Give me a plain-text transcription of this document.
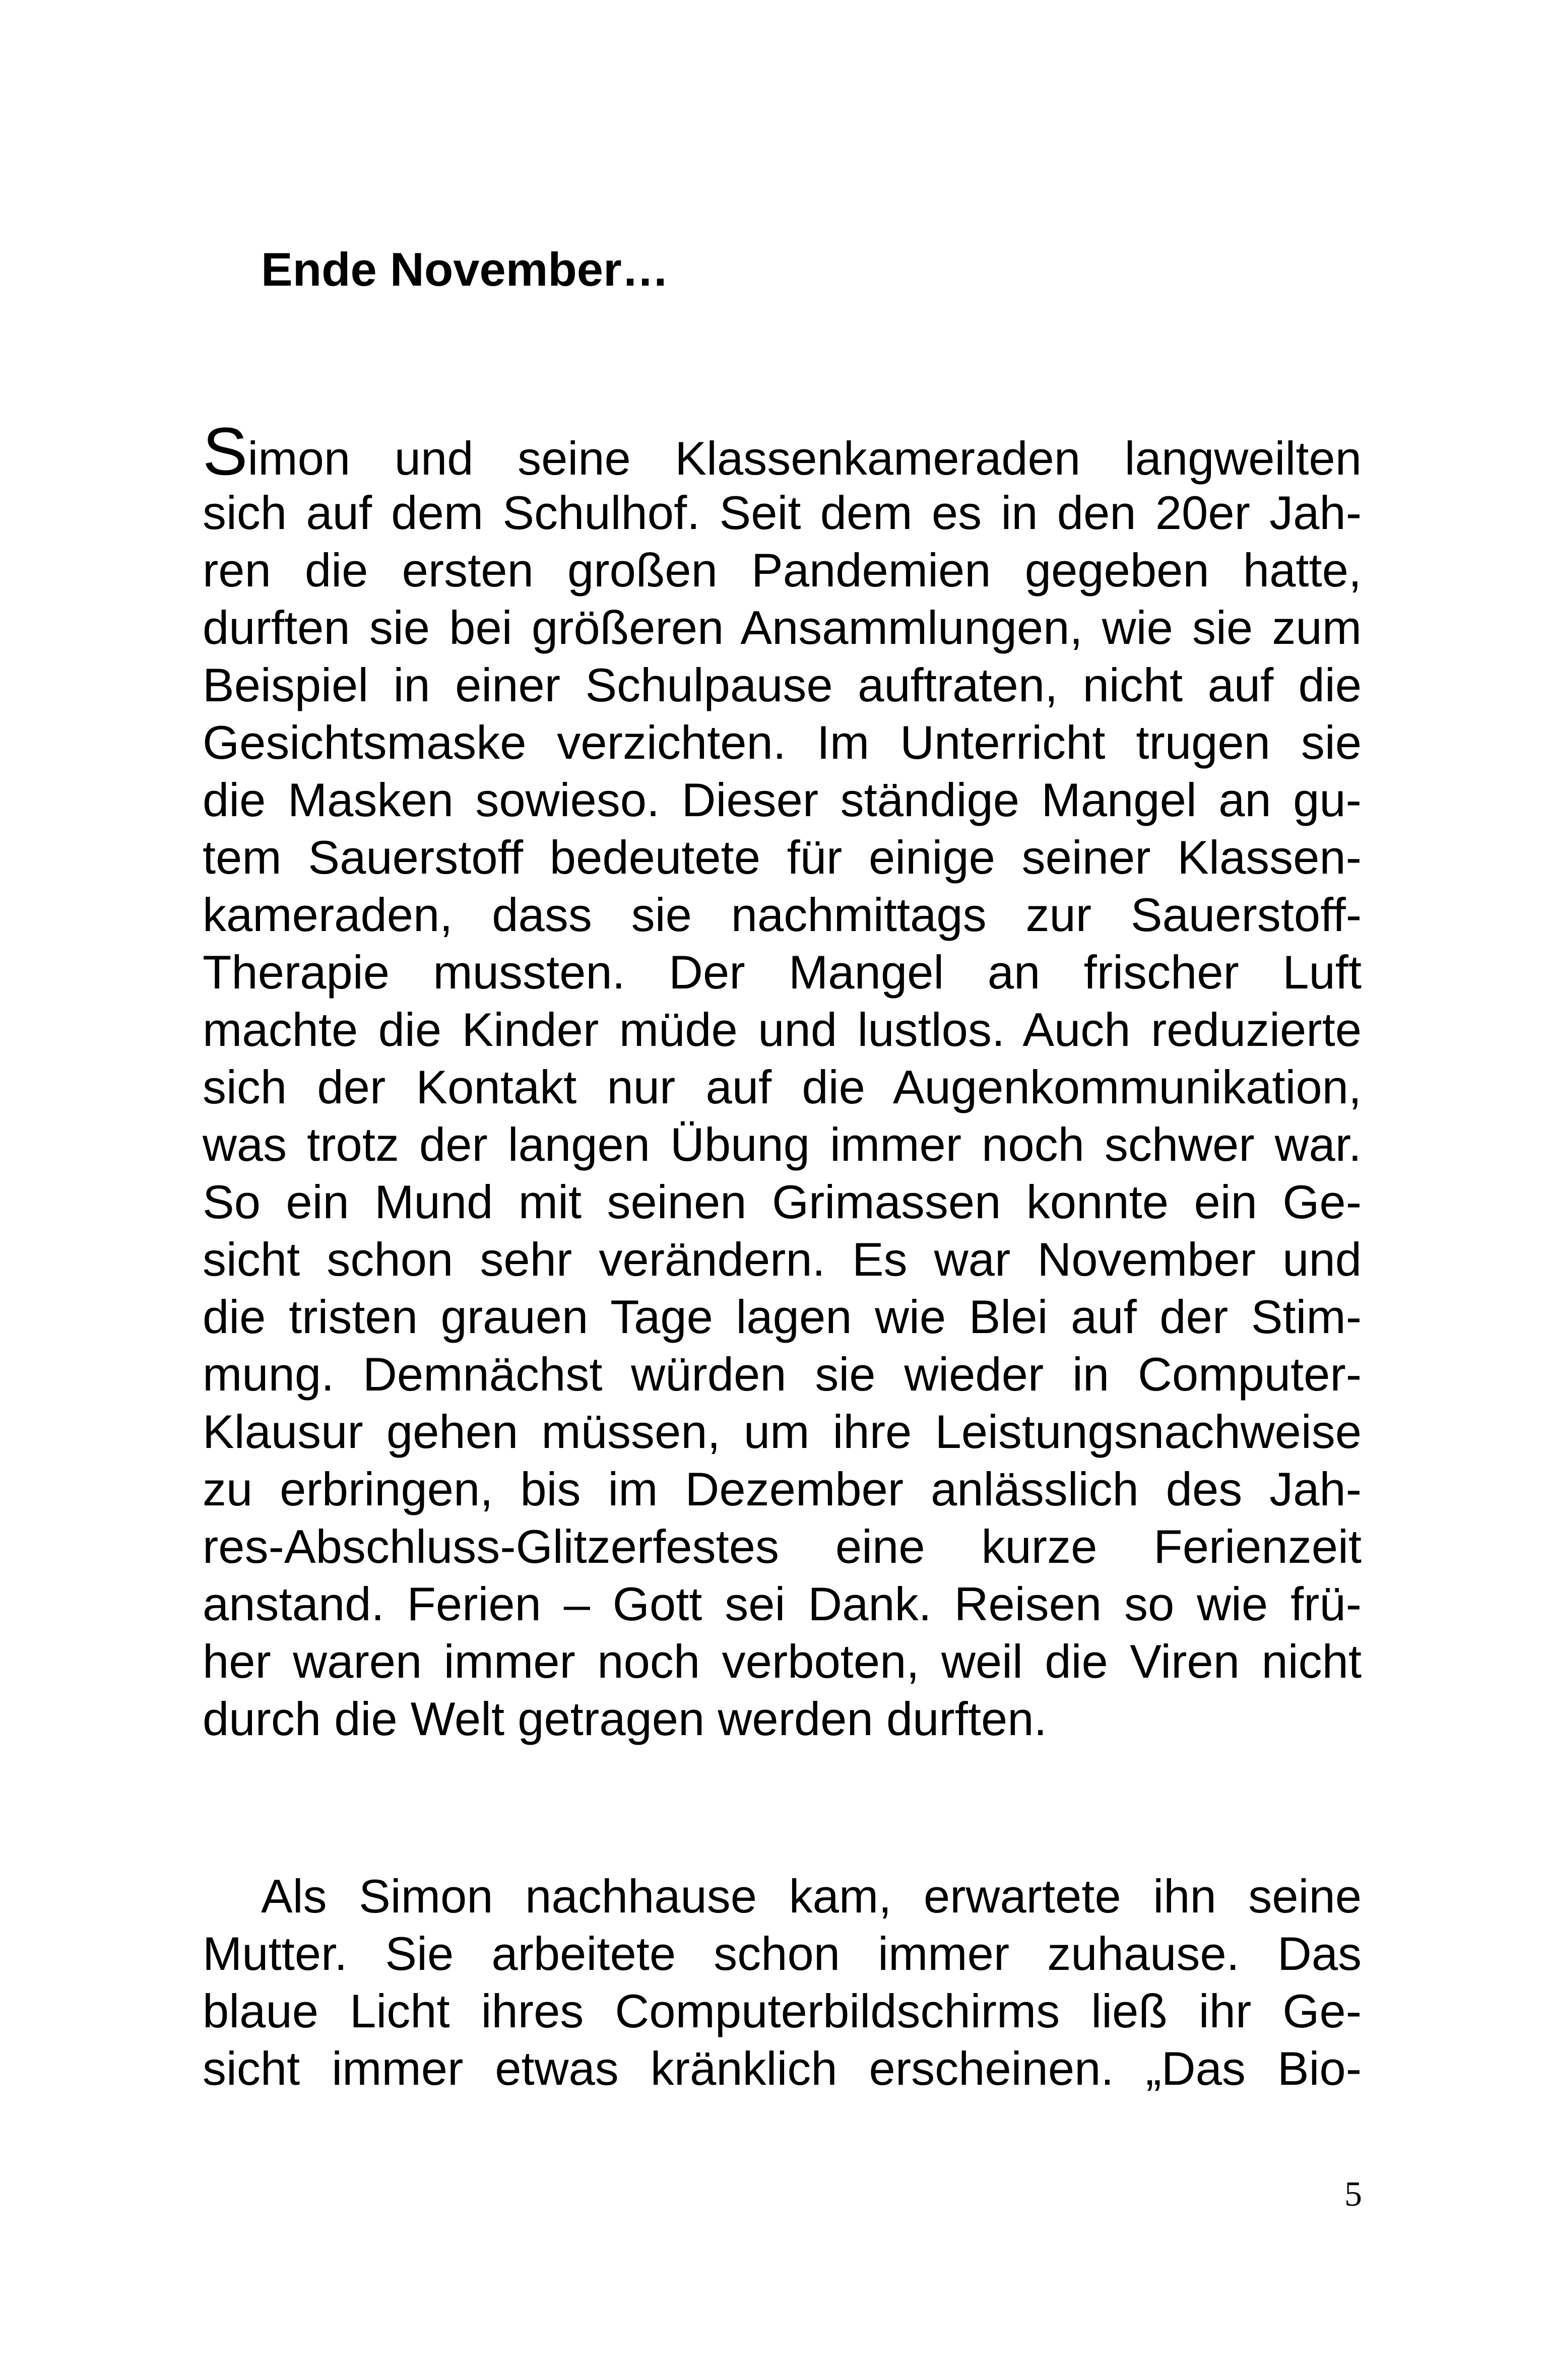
Ende November…
Simon und seine Klassenkameraden langweilten
sich auf dem Schulhof. Seit dem es in den 20er Jah-
ren die ersten großen Pandemien gegeben hatte,
durften sie bei größeren Ansammlungen, wie sie zum
Beispiel in einer Schulpause auftraten, nicht auf die
Gesichtsmaske verzichten. Im Unterricht trugen sie
die Masken sowieso. Dieser ständige Mangel an gu-
tem Sauerstoff bedeutete für einige seiner Klassen-
kameraden, dass sie nachmittags zur Sauerstoff-
Therapie mussten. Der Mangel an frischer Luft
machte die Kinder müde und lustlos. Auch reduzierte
sich der Kontakt nur auf die Augenkommunikation,
was trotz der langen Übung immer noch schwer war.
So ein Mund mit seinen Grimassen konnte ein Ge-
sicht schon sehr verändern. Es war November und
die tristen grauen Tage lagen wie Blei auf der Stim-
mung. Demnächst würden sie wieder in Computer-
Klausur gehen müssen, um ihre Leistungsnachweise
zu erbringen, bis im Dezember anlässlich des Jah-
res-Abschluss-Glitzerfestes eine kurze Ferienzeit
anstand. Ferien – Gott sei Dank. Reisen so wie frü-
her waren immer noch verboten, weil die Viren nicht
durch die Welt getragen werden durften.
Als Simon nachhause kam, erwartete ihn seine
Mutter. Sie arbeitete schon immer zuhause. Das
blaue Licht ihres Computerbildschirms ließ ihr Ge-
sicht immer etwas kränklich erscheinen. „Das Bio-

5
